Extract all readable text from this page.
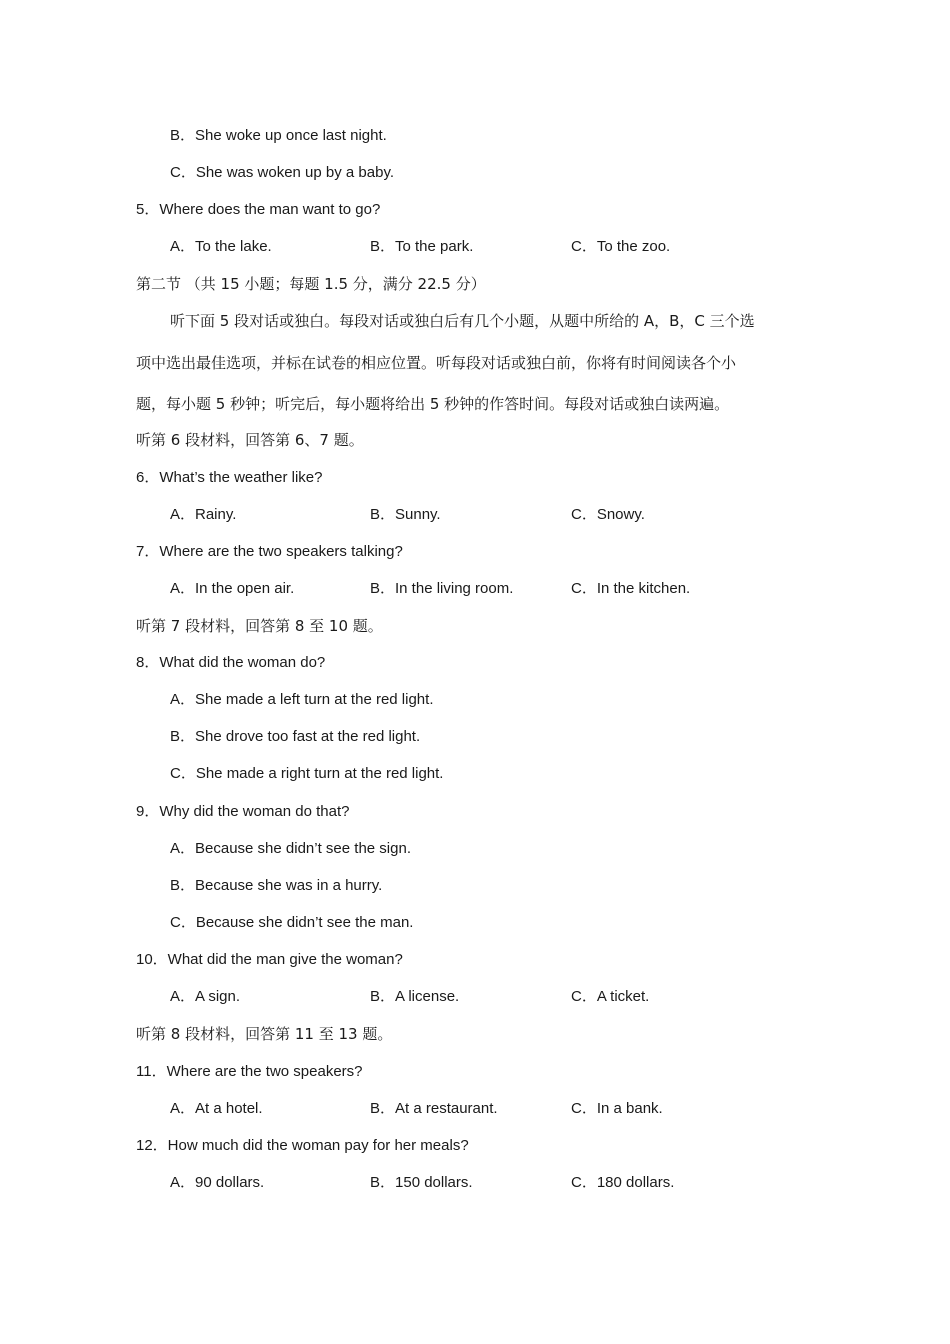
B．She woke up once last night.
C．She was woken up by a baby.
5．Where does the man want to go?
A．To the lake.	B．To the park.	C．To the zoo.
第二节 （共 15 小题；每题 1.5 分，满分 22.5 分）
听下面 5 段对话或独白。每段对话或独白后有几个小题，从题中所给的 A，B，C 三个选
项中选出最佳选项，并标在试卷的相应位置。听每段对话或独白前，你将有时间阅读各个小
题，每小题 5 秒钟；听完后，每小题将给出 5 秒钟的作答时间。每段对话或独白读两遍。
听第 6 段材料，回答第 6、7 题。
6．What’s the weather like?
A．Rainy.	B．Sunny.	C．Snowy.
7．Where are the two speakers talking?
A．In the open air.	B．In the living room.	C．In the kitchen.
听第 7 段材料，回答第 8 至 10 题。
8．What did the woman do?
A．She made a left turn at the red light.
B．She drove too fast at the red light.
C．She made a right turn at the red light.
9．Why did the woman do that?
A．Because she didn’t see the sign.
B．Because she was in a hurry.
C．Because she didn’t see the man.
10．What did the man give the woman?
A．A sign.	B．A license.	C．A ticket.
听第 8 段材料，回答第 11 至 13 题。
11．Where are the two speakers?
A．At a hotel.	B．At a restaurant.	C．In a bank.
12．How much did the woman pay for her meals?
A．90 dollars.	B．150 dollars.	C．180 dollars.
